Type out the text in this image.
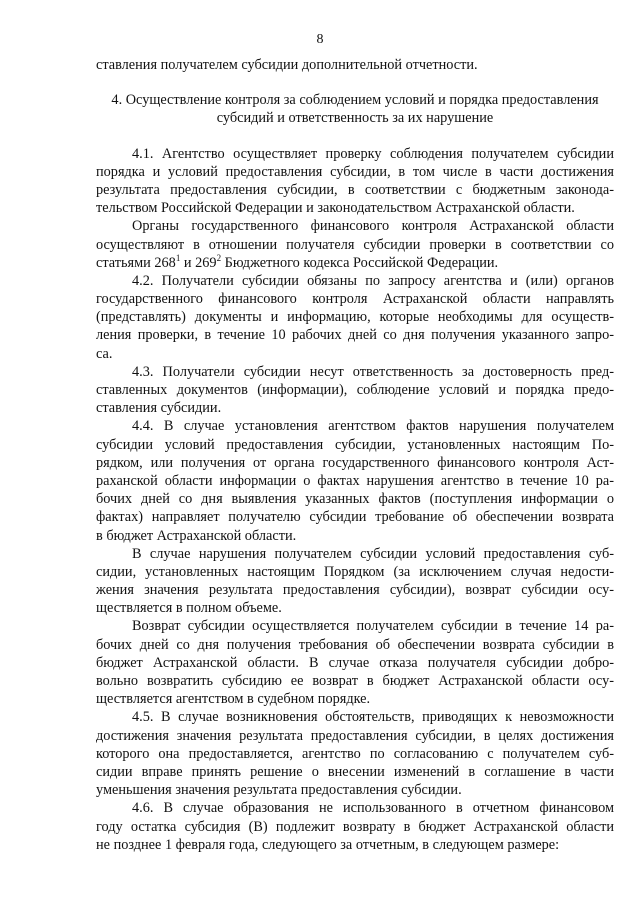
8
ставления получателем субсидии дополнительной отчетности.
4. Осуществление контроля за соблюдением условий и порядка предоставления
субсидий и ответственность за их нарушение
4.1. Агентство осуществляет проверку соблюдения получателем субсидии
порядка и условий предоставления субсидии, в том числе в части достижения
результата предоставления субсидии, в соответствии с бюджетным законода-
тельством Российской Федерации и законодательством Астраханской области.
Органы государственного финансового контроля Астраханской области
осуществляют в отношении получателя субсидии проверки в соответствии со
статьями $268^1$ и $269^2$ Бюджетного кодекса Российской Федерации.
4.2. Получатели субсидии обязаны по запросу агентства и (или) органов
государственного финансового контроля Астраханской области направлять
(представлять) документы и информацию, которые необходимы для осуществ-
ления проверки, в течение 10 рабочих дней со дня получения указанного запро-
са.
4.3. Получатели субсидии несут ответственность за достоверность пред-
ставленных документов (информации), соблюдение условий и порядка предо-
ставления субсидии.
4.4. В случае установления агентством фактов нарушения получателем
субсидии условий предоставления субсидии, установленных настоящим По-
рядком, или получения от органа государственного финансового контроля Аст-
раханской области информации о фактах нарушения агентство в течение 10 ра-
бочих дней со дня выявления указанных фактов (поступления информации о
фактах) направляет получателю субсидии требование об обеспечении возврата
в бюджет Астраханской области.
В случае нарушения получателем субсидии условий предоставления суб-
сидии, установленных настоящим Порядком (за исключением случая недости-
жения значения результата предоставления субсидии), возврат субсидии осу-
ществляется в полном объеме.
Возврат субсидии осуществляется получателем субсидии в течение 14 ра-
бочих дней со дня получения требования об обеспечении возврата субсидии в
бюджет Астраханской области. В случае отказа получателя субсидии добро-
вольно возвратить субсидию ее возврат в бюджет Астраханской области осу-
ществляется агентством в судебном порядке.
4.5. В случае возникновения обстоятельств, приводящих к невозможности
достижения значения результата предоставления субсидии, в целях достижения
которого она предоставляется, агентство по согласованию с получателем суб-
сидии вправе принять решение о внесении изменений в соглашение в части
уменьшения значения результата предоставления субсидии.
4.6. В случае образования не использованного в отчетном финансовом
году остатка субсидия (В) подлежит возврату в бюджет Астраханской области
не позднее 1 февраля года, следующего за отчетным, в следующем размере:
